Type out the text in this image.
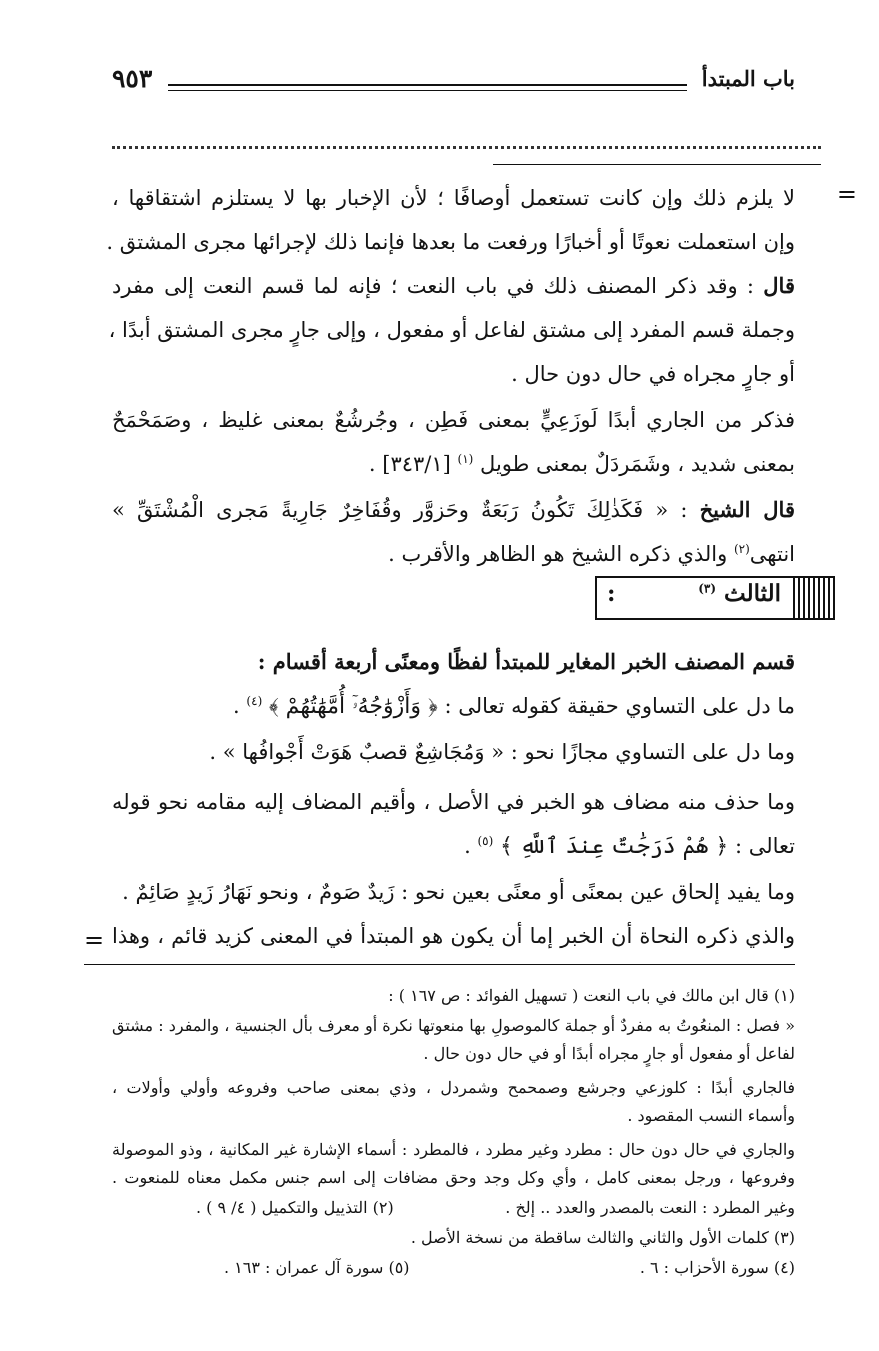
باب المبتدأ
٩٥٣
=
لا يلزم ذلك وإن كانت تستعمل أوصافًا ؛ لأن الإخبار بها لا يستلزم اشتقاقها ،
وإن استعملت نعوتًا أو أخبارًا ورفعت ما بعدها فإنما ذلك لإجرائها مجرى المشتق .
قال : وقد ذكر المصنف ذلك في باب النعت ؛ فإنه لما قسم النعت إلى مفرد
وجملة قسم المفرد إلى مشتق لفاعل أو مفعول ، وإلى جارٍ مجرى المشتق أبدًا ،
أو جارٍ مجراه في حال دون حال .
فذكر من الجاري أبدًا لَوزَعِيٍّ بمعنى فَطِن ، وجُرشُعٌ بمعنى غليظ ، وصَمَحْمَحٌ
بمعنى شديد ، وشَمَردَلٌ بمعنى طويل $^{(١)}$ [٣٤٣/١] .
قال الشيخ : « فَكَذٰلِكَ تَكُونُ رَبَعَةٌ وحَزوَّر وقُفَاخِرٌ جَارِيةً مَجرى الْمُشْتَقِّ »
انتهى$^{(٢)}$ والذي ذكره الشيخ هو الظاهر والأقرب .
الثالث $^{(٣)}$
:
قسم المصنف الخبر المغاير للمبتدأ لفظًا ومعنًى أربعة أقسام :
ما دل على التساوي حقيقة كقوله تعالى : ﴿ وَأَزْوَٰجُهُۥٓ أُمَّهَٰتُهُمْ ﴾ $^{(٤)}$ .
وما دل على التساوي مجازًا نحو : « وَمُجَاشِعٌ قصبٌ هَوَتْ أَجْوافُها » .
وما حذف منه مضاف هو الخبر في الأصل ، وأقيم المضاف إليه مقامه نحو قوله
تعالى : ﴿ هُمْ دَرَجَٰتٌ عِندَ ٱللَّهِ ﴾ $^{(٥)}$ .
وما يفيد إلحاق عين بمعنًى أو معنًى بعين نحو : زَيدٌ صَومٌ ، ونحو نَهَارُ زَيدٍ صَائِمٌ .
والذي ذكره النحاة أن الخبر إما أن يكون هو المبتدأ في المعنى كزيد قائم ، وهذا
=
(١) قال ابن مالك في باب النعت ( تسهيل الفوائد : ص ١٦٧ ) :
« فصل : المنعُوتُ به مفردٌ أو جملة كالموصولِ بها منعوتها نكرة أو معرف بأل الجنسية ، والمفرد : مشتق
لفاعل أو مفعول أو جارٍ مجراه أبدًا أو في حال دون حال .
فالجاري أبدًا : كلوزعي وجرشع وصمحمح وشمردل ، وذي بمعنى صاحب وفروعه وأولي وأولات ،
وأسماء النسب المقصود .
والجاري في حال دون حال : مطرد وغير مطرد ، فالمطرد : أسماء الإشارة غير المكانية ، وذو الموصولة
وفروعها ، ورجل بمعنى كامل ، وأي وكل وجد وحق مضافات إلى اسم جنس مكمل معناه للمنعوت .
وغير المطرد : النعت بالمصدر والعدد .. إلخ .
(٢) التذييل والتكميل ( ٤/ ٩ ) .
(٣) كلمات الأول والثاني والثالث ساقطة من نسخة الأصل .
(٤) سورة الأحزاب : ٦ .
(٥) سورة آل عمران : ١٦٣ .
